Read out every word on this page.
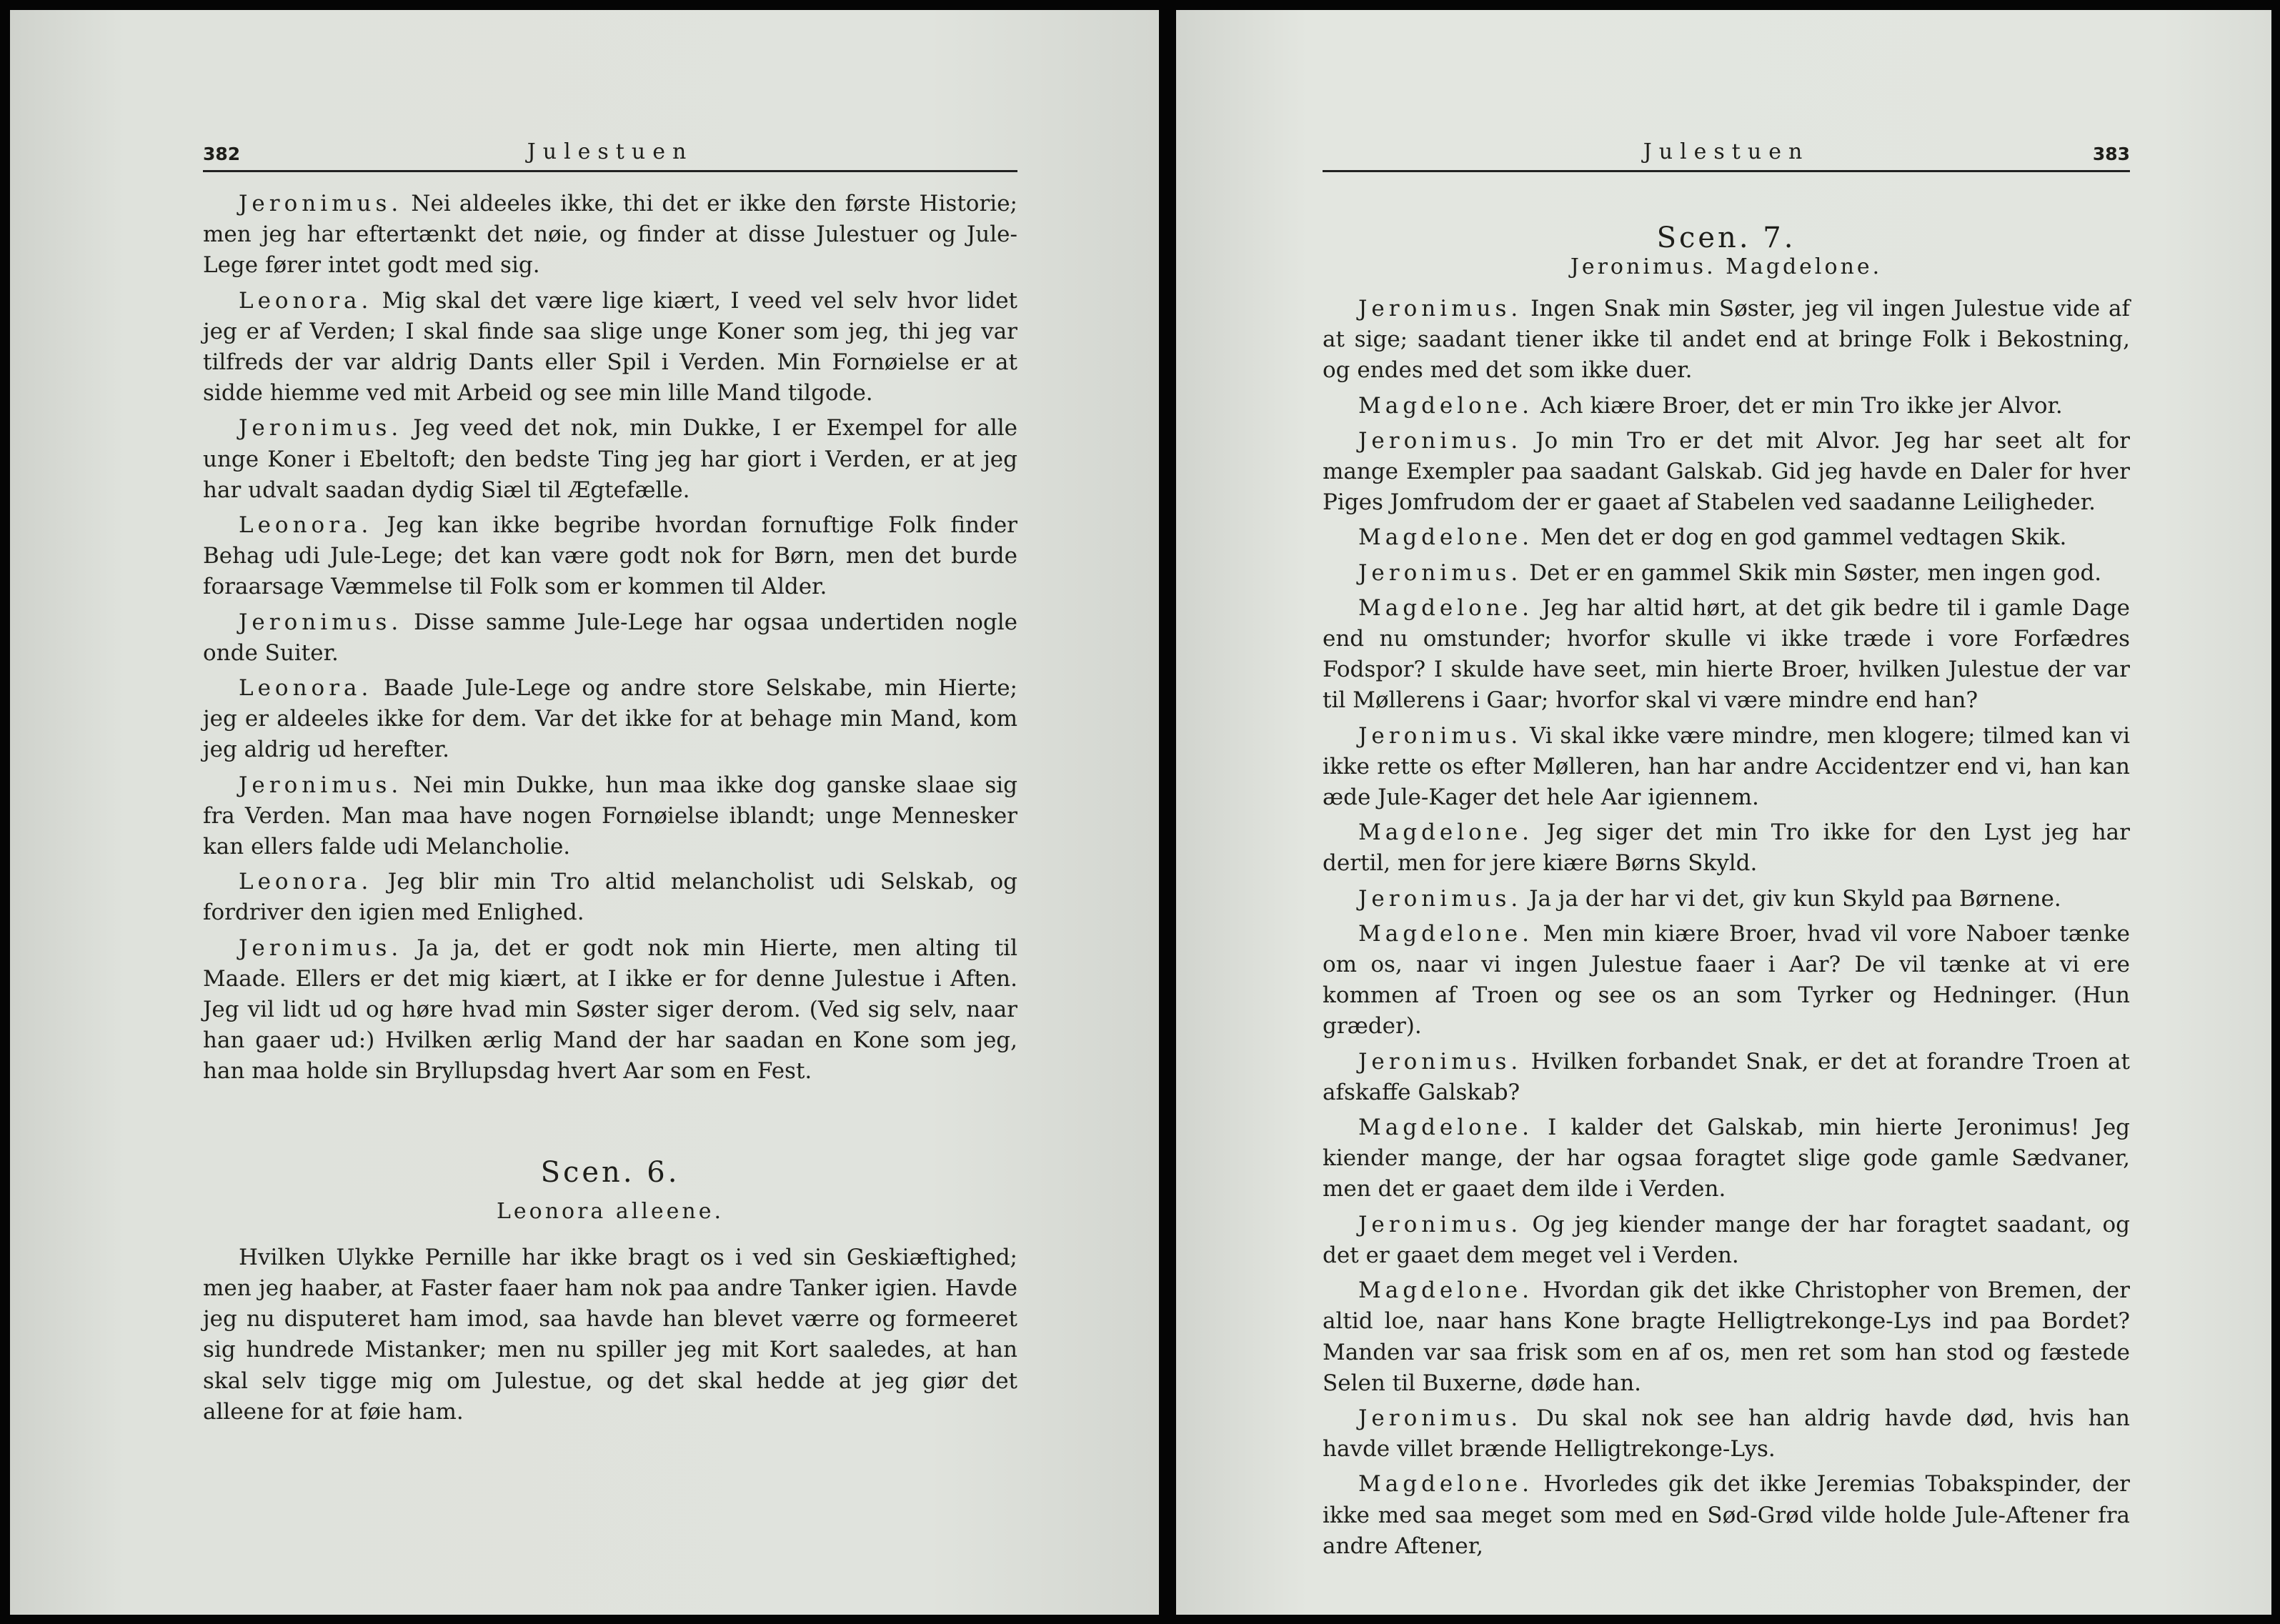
382	Julestuen

Jeronimus. Nei aldeeles ikke, thi det er ikke den første Historie; men jeg har eftertænkt det nøie, og finder at disse Julestuer og Jule-Lege fører intet godt med sig.

Leonora. Mig skal det være lige kiært, I veed vel selv hvor lidet jeg er af Verden; I skal finde saa slige unge Koner som jeg, thi jeg var tilfreds der var aldrig Dants eller Spil i Verden. Min Fornøielse er at sidde hiemme ved mit Arbeid og see min lille Mand tilgode.

Jeronimus. Jeg veed det nok, min Dukke, I er Exempel for alle unge Koner i Ebeltoft; den bedste Ting jeg har giort i Verden, er at jeg har udvalt saadan dydig Siæl til Ægtefælle.

Leonora. Jeg kan ikke begribe hvordan fornuftige Folk finder Behag udi Jule-Lege; det kan være godt nok for Børn, men det burde foraarsage Væmmelse til Folk som er kommen til Alder.

Jeronimus. Disse samme Jule-Lege har ogsaa undertiden nogle onde Suiter.

Leonora. Baade Jule-Lege og andre store Selskabe, min Hierte; jeg er aldeeles ikke for dem. Var det ikke for at behage min Mand, kom jeg aldrig ud herefter.

Jeronimus. Nei min Dukke, hun maa ikke dog ganske slaae sig fra Verden. Man maa have nogen Fornøielse iblandt; unge Mennesker kan ellers falde udi Melancholie.

Leonora. Jeg blir min Tro altid melancholist udi Selskab, og fordriver den igien med Enlighed.

Jeronimus. Ja ja, det er godt nok min Hierte, men alting til Maade. Ellers er det mig kiært, at I ikke er for denne Julestue i Aften. Jeg vil lidt ud og høre hvad min Søster siger derom. (Ved sig selv, naar han gaaer ud:) Hvilken ærlig Mand der har saadan en Kone som jeg, han maa holde sin Bryllupsdag hvert Aar som en Fest.

Scen. 6.
Leonora alleene.

Hvilken Ulykke Pernille har ikke bragt os i ved sin Geskiæftighed; men jeg haaber, at Faster faaer ham nok paa andre Tanker igien. Havde jeg nu disputeret ham imod, saa havde han blevet værre og formeeret sig hundrede Mistanker; men nu spiller jeg mit Kort saaledes, at han skal selv tigge mig om Julestue, og det skal hedde at jeg giør det alleene for at føie ham.

Julestuen	383
Scen. 7.
Jeronimus. Magdelone.

Jeronimus. Ingen Snak min Søster, jeg vil ingen Julestue vide af at sige; saadant tiener ikke til andet end at bringe Folk i Bekostning, og endes med det som ikke duer.

Magdelone. Ach kiære Broer, det er min Tro ikke jer Alvor.

Jeronimus. Jo min Tro er det mit Alvor. Jeg har seet alt for mange Exempler paa saadant Galskab. Gid jeg havde en Daler for hver Piges Jomfrudom der er gaaet af Stabelen ved saadanne Leiligheder.

Magdelone. Men det er dog en god gammel vedtagen Skik.

Jeronimus. Det er en gammel Skik min Søster, men ingen god.

Magdelone. Jeg har altid hørt, at det gik bedre til i gamle Dage end nu omstunder; hvorfor skulle vi ikke træde i vore Forfædres Fodspor? I skulde have seet, min hierte Broer, hvilken Julestue der var til Møllerens i Gaar; hvorfor skal vi være mindre end han?

Jeronimus. Vi skal ikke være mindre, men klogere; tilmed kan vi ikke rette os efter Mølleren, han har andre Accidentzer end vi, han kan æde Jule-Kager det hele Aar igiennem.

Magdelone. Jeg siger det min Tro ikke for den Lyst jeg har dertil, men for jere kiære Børns Skyld.

Jeronimus. Ja ja der har vi det, giv kun Skyld paa Børnene.

Magdelone. Men min kiære Broer, hvad vil vore Naboer tænke om os, naar vi ingen Julestue faaer i Aar? De vil tænke at vi ere kommen af Troen og see os an som Tyrker og Hedninger. (Hun græder).

Jeronimus. Hvilken forbandet Snak, er det at forandre Troen at afskaffe Galskab?

Magdelone. I kalder det Galskab, min hierte Jeronimus! Jeg kiender mange, der har ogsaa foragtet slige gode gamle Sædvaner, men det er gaaet dem ilde i Verden.

Jeronimus. Og jeg kiender mange der har foragtet saadant, og det er gaaet dem meget vel i Verden.

Magdelone. Hvordan gik det ikke Christopher von Bremen, der altid loe, naar hans Kone bragte Helligtrekonge-Lys ind paa Bordet? Manden var saa frisk som en af os, men ret som han stod og fæstede Selen til Buxerne, døde han.

Jeronimus. Du skal nok see han aldrig havde død, hvis han havde villet brænde Helligtrekonge-Lys.

Magdelone. Hvorledes gik det ikke Jeremias Tobakspinder, der ikke med saa meget som med en Sød-Grød vilde holde Jule-Aftener fra andre Aftener,
